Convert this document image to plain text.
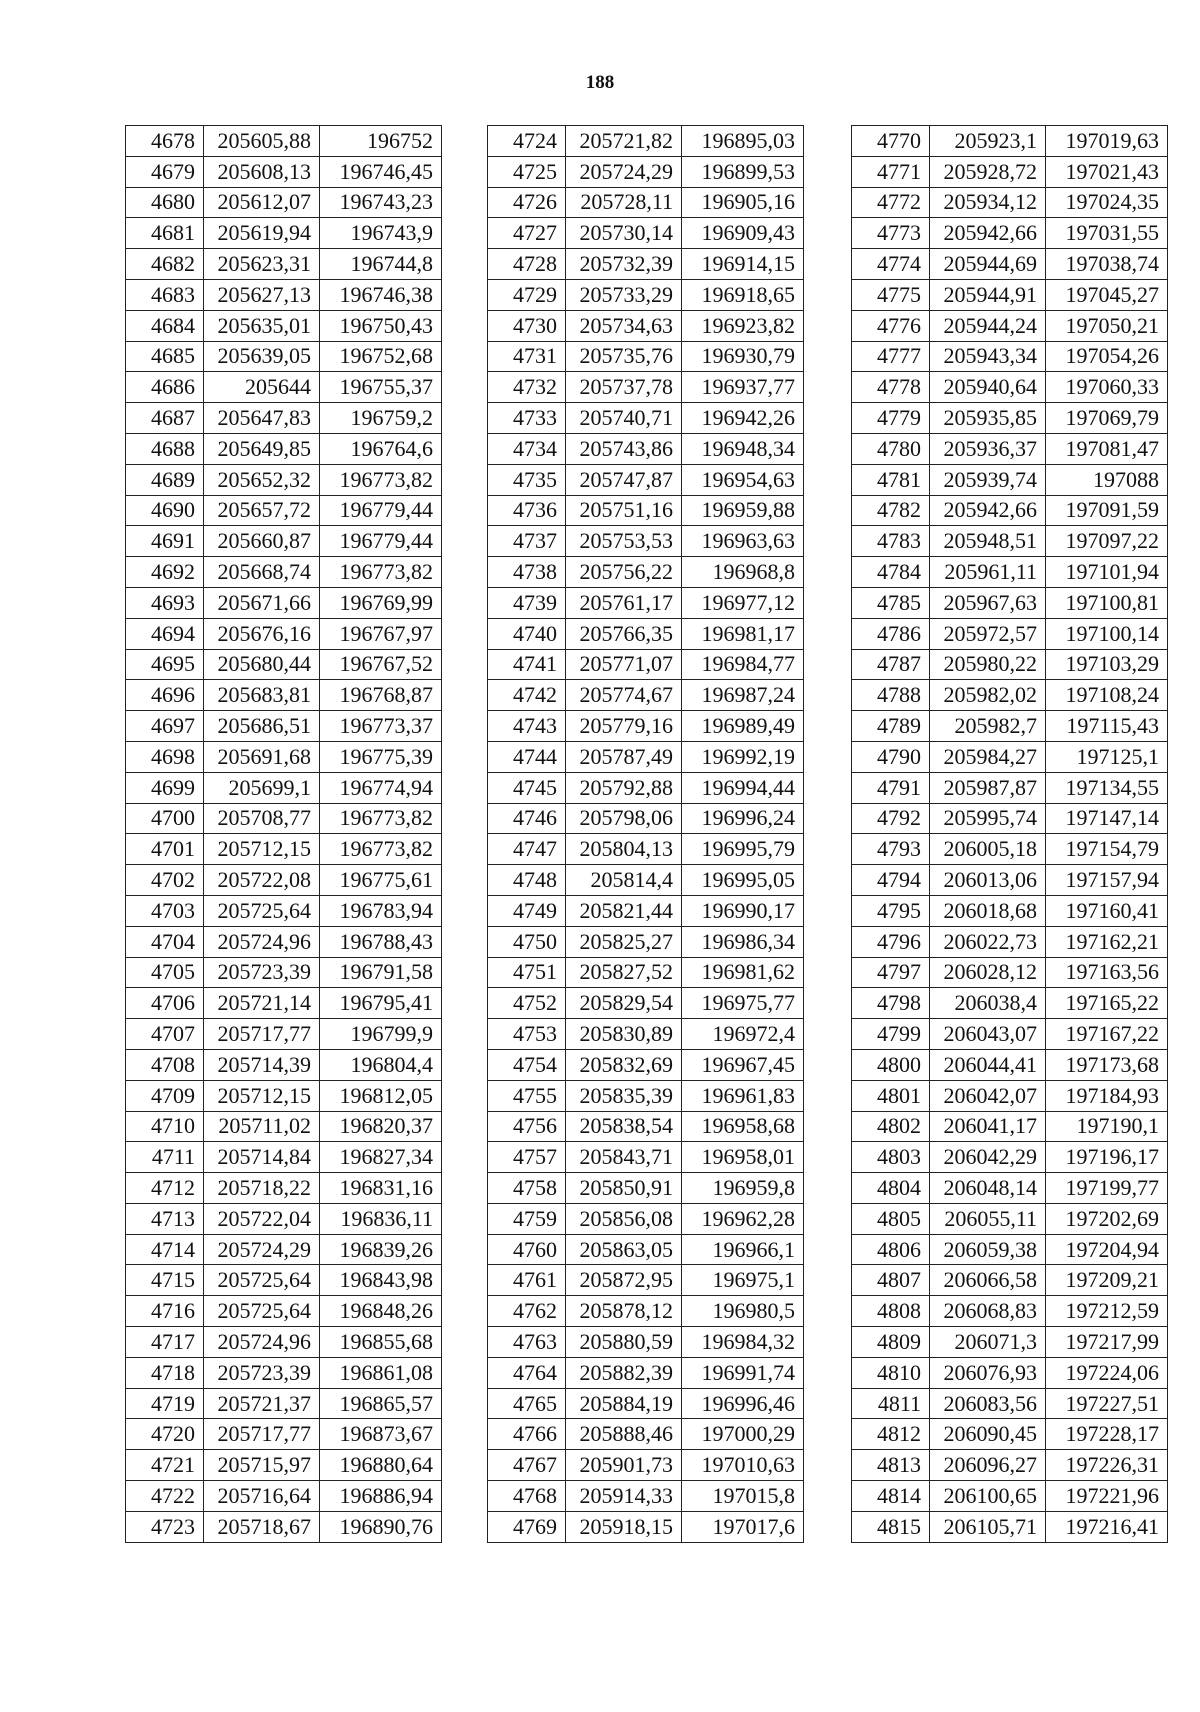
188
4678	205605,88	196752
4679	205608,13	196746,45
4680	205612,07	196743,23
4681	205619,94	196743,9
4682	205623,31	196744,8
4683	205627,13	196746,38
4684	205635,01	196750,43
4685	205639,05	196752,68
4686	205644	196755,37
4687	205647,83	196759,2
4688	205649,85	196764,6
4689	205652,32	196773,82
4690	205657,72	196779,44
4691	205660,87	196779,44
4692	205668,74	196773,82
4693	205671,66	196769,99
4694	205676,16	196767,97
4695	205680,44	196767,52
4696	205683,81	196768,87
4697	205686,51	196773,37
4698	205691,68	196775,39
4699	205699,1	196774,94
4700	205708,77	196773,82
4701	205712,15	196773,82
4702	205722,08	196775,61
4703	205725,64	196783,94
4704	205724,96	196788,43
4705	205723,39	196791,58
4706	205721,14	196795,41
4707	205717,77	196799,9
4708	205714,39	196804,4
4709	205712,15	196812,05
4710	205711,02	196820,37
4711	205714,84	196827,34
4712	205718,22	196831,16
4713	205722,04	196836,11
4714	205724,29	196839,26
4715	205725,64	196843,98
4716	205725,64	196848,26
4717	205724,96	196855,68
4718	205723,39	196861,08
4719	205721,37	196865,57
4720	205717,77	196873,67
4721	205715,97	196880,64
4722	205716,64	196886,94
4723	205718,67	196890,76
4724	205721,82	196895,03
4725	205724,29	196899,53
4726	205728,11	196905,16
4727	205730,14	196909,43
4728	205732,39	196914,15
4729	205733,29	196918,65
4730	205734,63	196923,82
4731	205735,76	196930,79
4732	205737,78	196937,77
4733	205740,71	196942,26
4734	205743,86	196948,34
4735	205747,87	196954,63
4736	205751,16	196959,88
4737	205753,53	196963,63
4738	205756,22	196968,8
4739	205761,17	196977,12
4740	205766,35	196981,17
4741	205771,07	196984,77
4742	205774,67	196987,24
4743	205779,16	196989,49
4744	205787,49	196992,19
4745	205792,88	196994,44
4746	205798,06	196996,24
4747	205804,13	196995,79
4748	205814,4	196995,05
4749	205821,44	196990,17
4750	205825,27	196986,34
4751	205827,52	196981,62
4752	205829,54	196975,77
4753	205830,89	196972,4
4754	205832,69	196967,45
4755	205835,39	196961,83
4756	205838,54	196958,68
4757	205843,71	196958,01
4758	205850,91	196959,8
4759	205856,08	196962,28
4760	205863,05	196966,1
4761	205872,95	196975,1
4762	205878,12	196980,5
4763	205880,59	196984,32
4764	205882,39	196991,74
4765	205884,19	196996,46
4766	205888,46	197000,29
4767	205901,73	197010,63
4768	205914,33	197015,8
4769	205918,15	197017,6
4770	205923,1	197019,63
4771	205928,72	197021,43
4772	205934,12	197024,35
4773	205942,66	197031,55
4774	205944,69	197038,74
4775	205944,91	197045,27
4776	205944,24	197050,21
4777	205943,34	197054,26
4778	205940,64	197060,33
4779	205935,85	197069,79
4780	205936,37	197081,47
4781	205939,74	197088
4782	205942,66	197091,59
4783	205948,51	197097,22
4784	205961,11	197101,94
4785	205967,63	197100,81
4786	205972,57	197100,14
4787	205980,22	197103,29
4788	205982,02	197108,24
4789	205982,7	197115,43
4790	205984,27	197125,1
4791	205987,87	197134,55
4792	205995,74	197147,14
4793	206005,18	197154,79
4794	206013,06	197157,94
4795	206018,68	197160,41
4796	206022,73	197162,21
4797	206028,12	197163,56
4798	206038,4	197165,22
4799	206043,07	197167,22
4800	206044,41	197173,68
4801	206042,07	197184,93
4802	206041,17	197190,1
4803	206042,29	197196,17
4804	206048,14	197199,77
4805	206055,11	197202,69
4806	206059,38	197204,94
4807	206066,58	197209,21
4808	206068,83	197212,59
4809	206071,3	197217,99
4810	206076,93	197224,06
4811	206083,56	197227,51
4812	206090,45	197228,17
4813	206096,27	197226,31
4814	206100,65	197221,96
4815	206105,71	197216,41
